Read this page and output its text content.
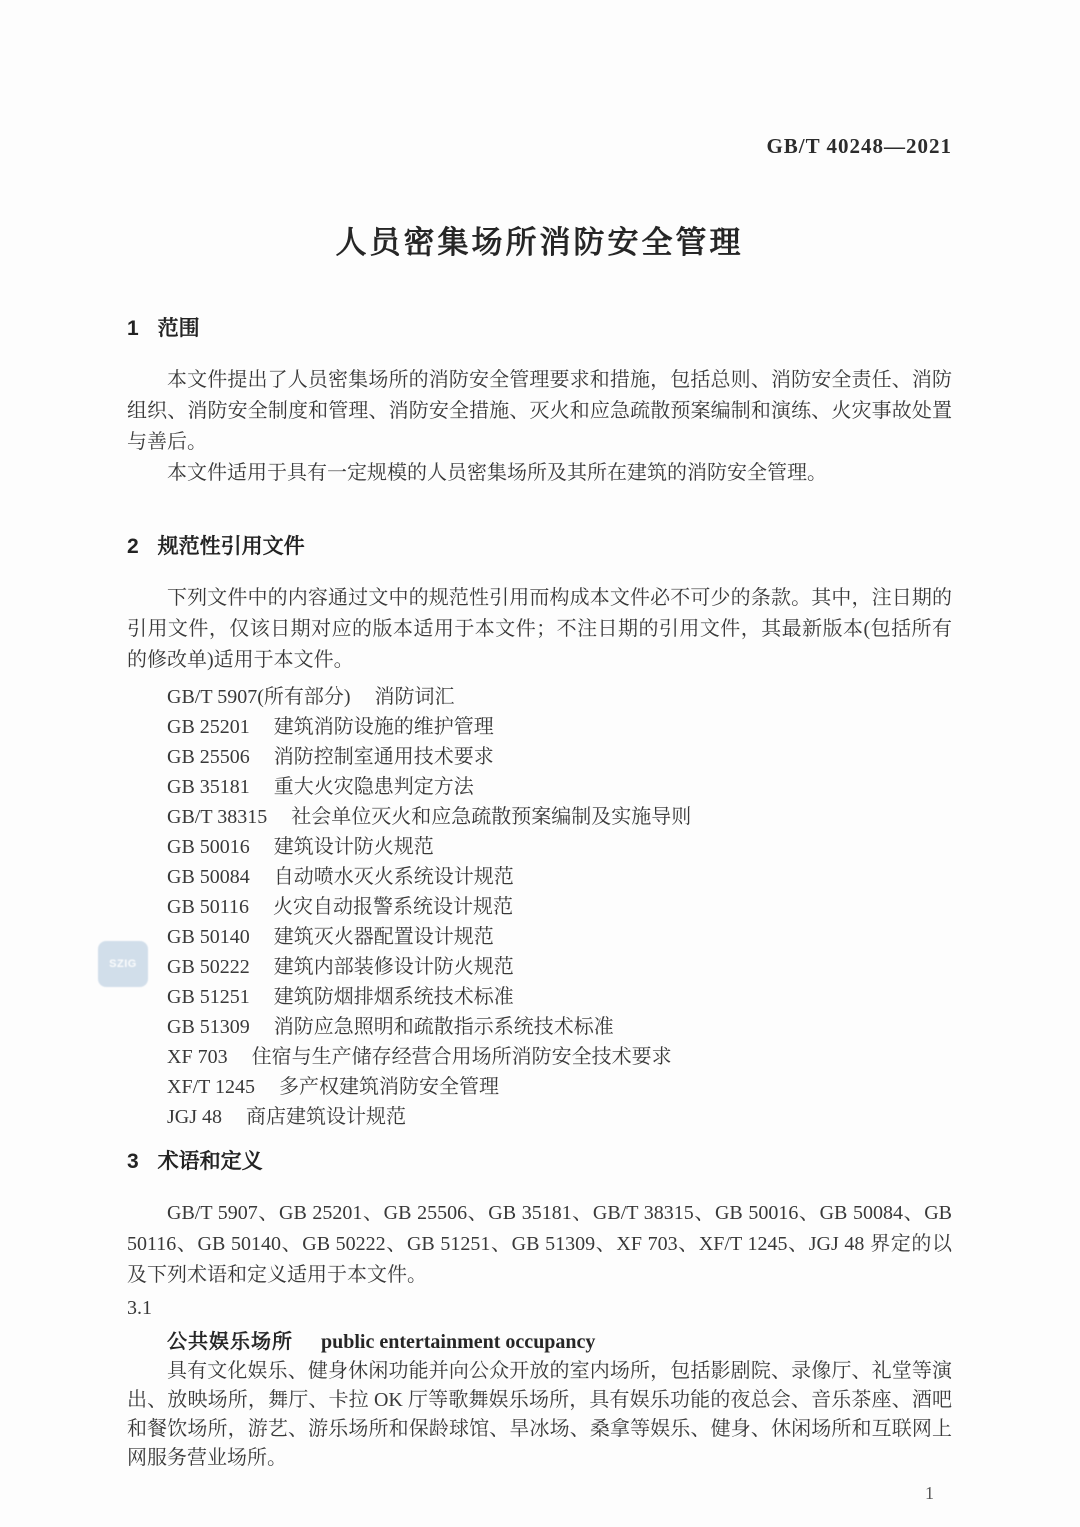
SZIG
GB/T 40248—2021
人员密集场所消防安全管理
1 范围

本文件提出了人员密集场所的消防安全管理要求和措施，包括总则、消防安全责任、消防组织、消防安全制度和管理、消防安全措施、灭火和应急疏散预案编制和演练、火灾事故处置与善后。

本文件适用于具有一定规模的人员密集场所及其所在建筑的消防安全管理。

2 规范性引用文件

下列文件中的内容通过文中的规范性引用而构成本文件必不可少的条款。其中，注日期的引用文件，仅该日期对应的版本适用于本文件；不注日期的引用文件，其最新版本(包括所有的修改单)适用于本文件。

GB/T 5907(所有部分) 消防词汇
GB 25201 建筑消防设施的维护管理
GB 25506 消防控制室通用技术要求
GB 35181 重大火灾隐患判定方法
GB/T 38315 社会单位灭火和应急疏散预案编制及实施导则
GB 50016 建筑设计防火规范
GB 50084 自动喷水灭火系统设计规范
GB 50116 火灾自动报警系统设计规范
GB 50140 建筑灭火器配置设计规范
GB 50222 建筑内部装修设计防火规范
GB 51251 建筑防烟排烟系统技术标准
GB 51309 消防应急照明和疏散指示系统技术标准
XF 703 住宿与生产储存经营合用场所消防安全技术要求
XF/T 1245 多产权建筑消防安全管理
JGJ 48 商店建筑设计规范
3 术语和定义

GB/T 5907、GB 25201、GB 25506、GB 35181、GB/T 38315、GB 50016、GB 50084、GB 50116、GB 50140、GB 50222、GB 51251、GB 51309、XF 703、XF/T 1245、JGJ 48 界定的以及下列术语和定义适用于本文件。

3.1
公共娱乐场所 public entertainment occupancy

具有文化娱乐、健身休闲功能并向公众开放的室内场所，包括影剧院、录像厅、礼堂等演出、放映场所，舞厅、卡拉 OK 厅等歌舞娱乐场所，具有娱乐功能的夜总会、音乐茶座、酒吧和餐饮场所，游艺、游乐场所和保龄球馆、旱冰场、桑拿等娱乐、健身、休闲场所和互联网上网服务营业场所。

1
